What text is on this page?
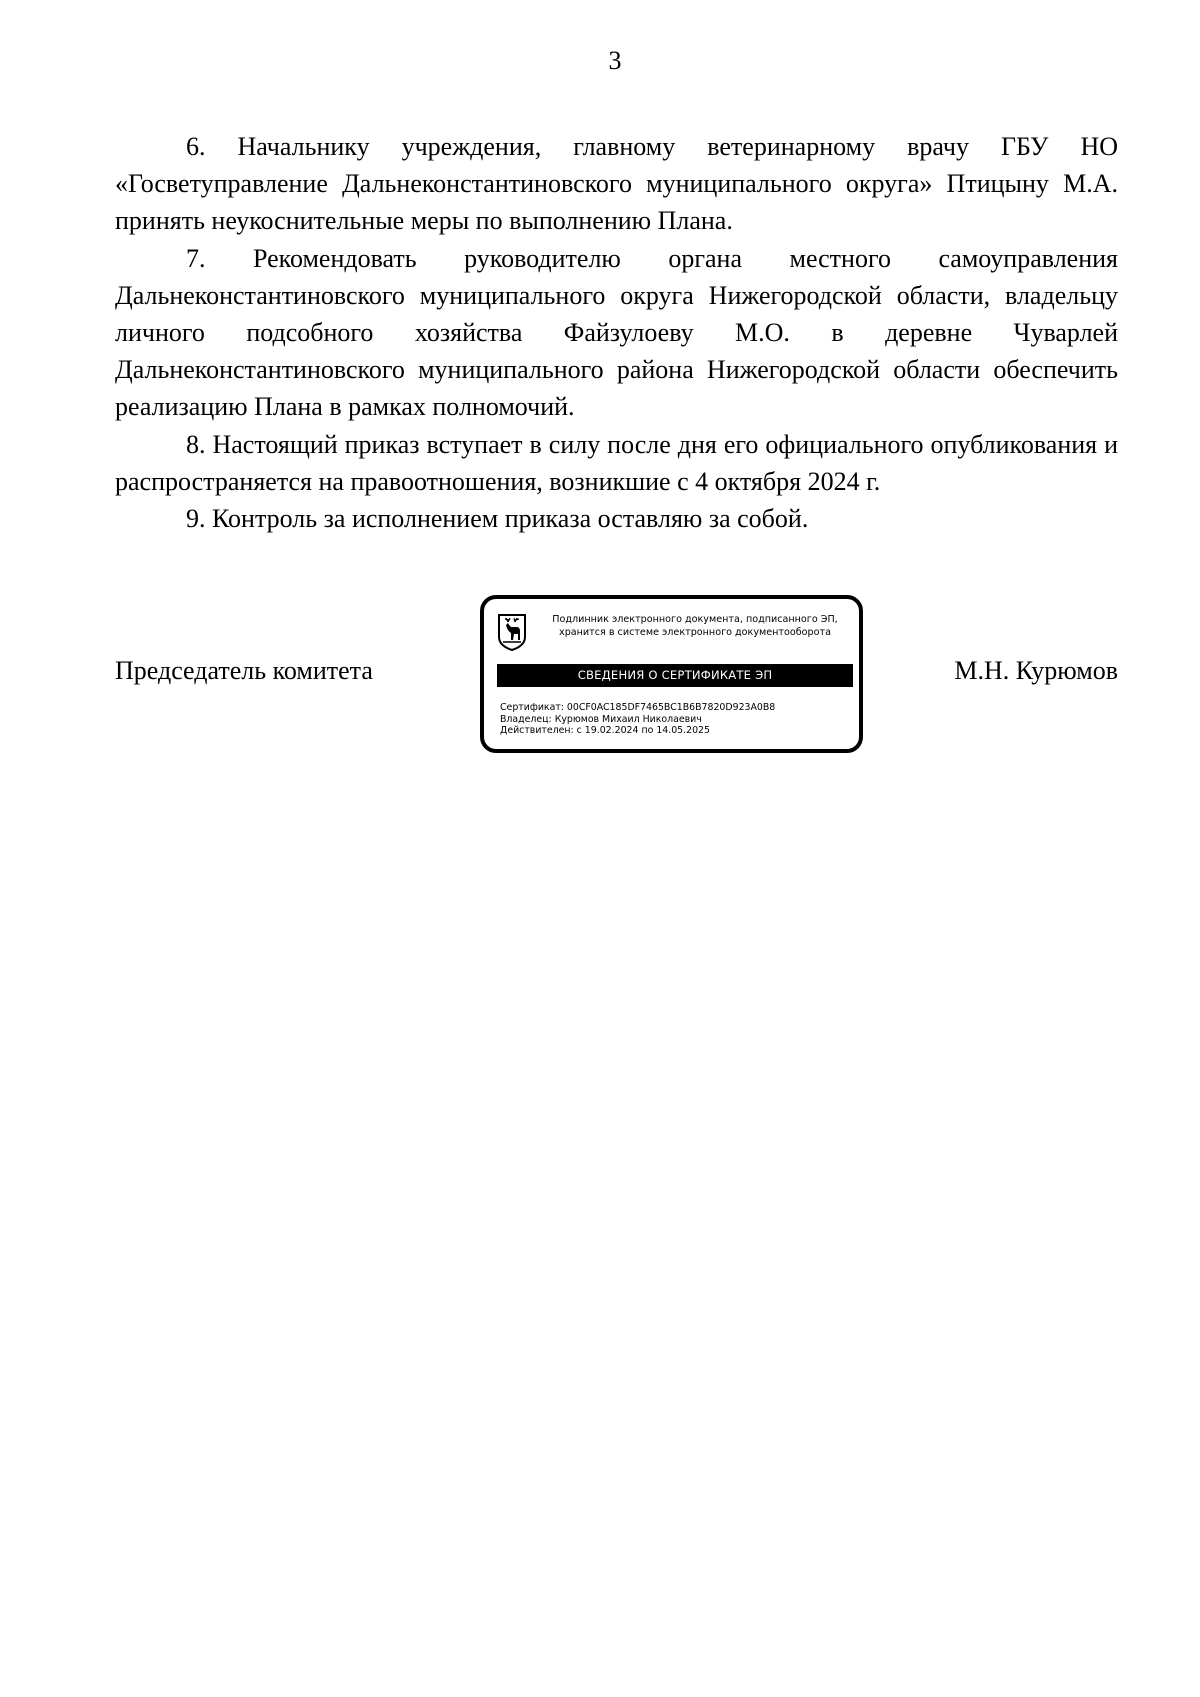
3

6. Начальнику учреждения, главному ветеринарному врачу ГБУ НО «Госветуправление Дальнеконстантиновского муниципального округа» Птицыну М.А. принять неукоснительные меры по выполнению Плана.

7. Рекомендовать руководителю органа местного самоуправления Дальнеконстантиновского муниципального округа Нижегородской области, владельцу личного подсобного хозяйства Файзулоеву М.О. в деревне Чуварлей Дальнеконстантиновского муниципального района Нижегородской области обеспечить реализацию Плана в рамках полномочий.

8. Настоящий приказ вступает в силу после дня его официального опубликования и распространяется на правоотношения, возникшие с 4 октября 2024 г.

9. Контроль за исполнением приказа оставляю за собой.

Председатель комитета	М.Н. Курюмов
Подлинник электронного документа, подписанного ЭП,
хранится в системе электронного документооборота
СВЕДЕНИЯ О СЕРТИФИКАТЕ ЭП
Сертификат: 00CF0AC185DF7465BC1B6B7820D923A0B8
Владелец: Курюмов Михаил Николаевич
Действителен: с 19.02.2024 по 14.05.2025
